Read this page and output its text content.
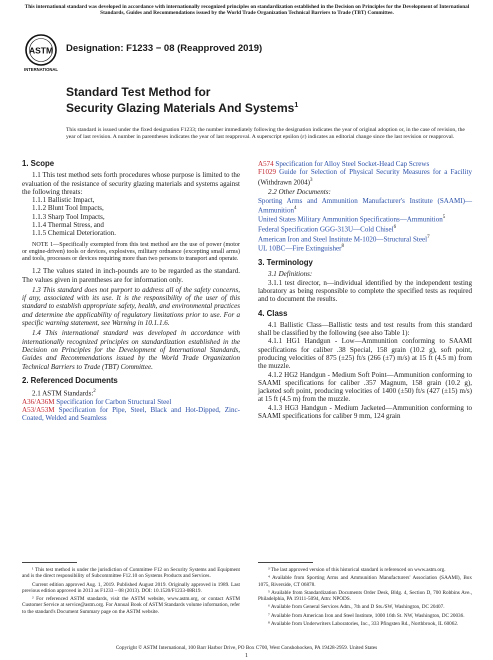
This international standard was developed in accordance with internationally recognized principles on standardization established in the Decision on Principles for the Development of International Standards, Guides and Recommendations issued by the World Trade Organization Technical Barriers to Trade (TBT) Committee.
ASTM
INTERNATIONAL
Designation: F1233 − 08 (Reapproved 2019)
Standard Test Method for
Security Glazing Materials And Systems$^1$
This standard is issued under the fixed designation F1233; the number immediately following the designation indicates the year of original adoption or, in the case of revision, the year of last revision. A number in parentheses indicates the year of last reapproval. A superscript epsilon (ε) indicates an editorial change since the last revision or reapproval.

1. Scope

1.1 This test method sets forth procedures whose purpose is limited to the evaluation of the resistance of security glazing materials and systems against the following threats:

1.1.1 Ballistic Impact,

1.1.2 Blunt Tool Impacts,

1.1.3 Sharp Tool Impacts,

1.1.4 Thermal Stress, and

1.1.5 Chemical Deterioration.

NOTE 1—Specifically exempted from this test method are the use of power (motor or engine-driven) tools or devices, explosives, military ordnance (excepting small arms) and tools, processes or devices requiring more than two persons to transport and operate.

1.2 The values stated in inch-pounds are to be regarded as the standard. The values given in parentheses are for information only.

1.3 This standard does not purport to address all of the safety concerns, if any, associated with its use. It is the responsibility of the user of this standard to establish appropriate safety, health, and environmental practices and determine the applicability of regulatory limitations prior to use. For a specific warning statement, see Warning in 10.1.1.6.

1.4 This international standard was developed in accordance with internationally recognized principles on standardization established in the Decision on Principles for the Development of International Standards, Guides and Recommendations issued by the World Trade Organization Technical Barriers to Trade (TBT) Committee.

2. Referenced Documents

2.1 ASTM Standards:$^2$

A36/A36M Specification for Carbon Structural Steel

A53/A53M Specification for Pipe, Steel, Black and Hot-Dipped, Zinc-Coated, Welded and Seamless

A574 Specification for Alloy Steel Socket-Head Cap Screws

F1029 Guide for Selection of Physical Security Measures for a Facility (Withdrawn 2004)$^3$

2.2 Other Documents:

Sporting Arms and Ammunition Manufacturer's Institute (SAAMI)—Ammunition$^4$

United States Military Ammunition Specifications—Ammunition$^5$

Federal Specification GGG-313U—Cold Chisel$^6$

American Iron and Steel Institute M-1020—Structural Steel$^7$

UL 10BC—Fire Extinguisher$^8$

3. Terminology

3.1 Definitions:

3.1.1 test director, n—individual identified by the independent testing laboratory as being responsible to complete the specified tests as required and to document the results.

4. Class

4.1 Ballistic Class—Ballistic tests and test results from this standard shall be classified by the following (see also Table 1):

4.1.1 HG1 Handgun - Low—Ammunition conforming to SAAMI specifications for caliber .38 Special, 158 grain (10.2 g), soft point, producing velocities of 875 (±25) ft/s (266 (±7) m/s) at 15 ft (4.5 m) from the muzzle.

4.1.2 HG2 Handgun - Medium Soft Point—Ammunition conforming to SAAMI specifications for caliber .357 Magnum, 158 grain (10.2 g), jacketed soft point, producing velocities of 1400 (±50) ft/s (427 (±15) m/s) at 15 ft (4.5 m) from the muzzle.

4.1.3 HG3 Handgun - Medium Jacketed—Ammunition conforming to SAAMI specifications for caliber 9 mm, 124 grain

¹ This test method is under the jurisdiction of Committee F12 on Security Systems and Equipment and is the direct responsibility of Subcommittee F12.10 on Systems Products and Services.

Current edition approved Aug. 1, 2019. Published August 2019. Originally approved in 1989. Last previous edition approved in 2013 as F1233 – 08 (2013). DOI: 10.1520/F1233-08R19.

² For referenced ASTM standards, visit the ASTM website, www.astm.org, or contact ASTM Customer Service at service@astm.org. For Annual Book of ASTM Standards volume information, refer to the standard's Document Summary page on the ASTM website.

³ The last approved version of this historical standard is referenced on www.astm.org.

⁴ Available from Sporting Arms and Ammunition Manufacturers' Association (SAAMI), Box 1075, Riverside, CT 06878.

⁵ Available from Standardization Documents Order Desk, Bldg. 4, Section D, 700 Robbins Ave., Philadelphia, PA 19111-5094, Attn: NPODS.

⁶ Available from General Services Adm., 7th and D Sts./SW, Washington, DC 20407.

⁷ Available from American Iron and Steel Institute, 1000 16th St. NW, Washington, DC 20036.

⁸ Available from Underwriters Laboratories, Inc., 333 Pfingsten Rd., Northbrook, IL 60062.

Copyright © ASTM International, 100 Barr Harbor Drive, PO Box C700, West Conshohocken, PA 19428-2959. United States
1
